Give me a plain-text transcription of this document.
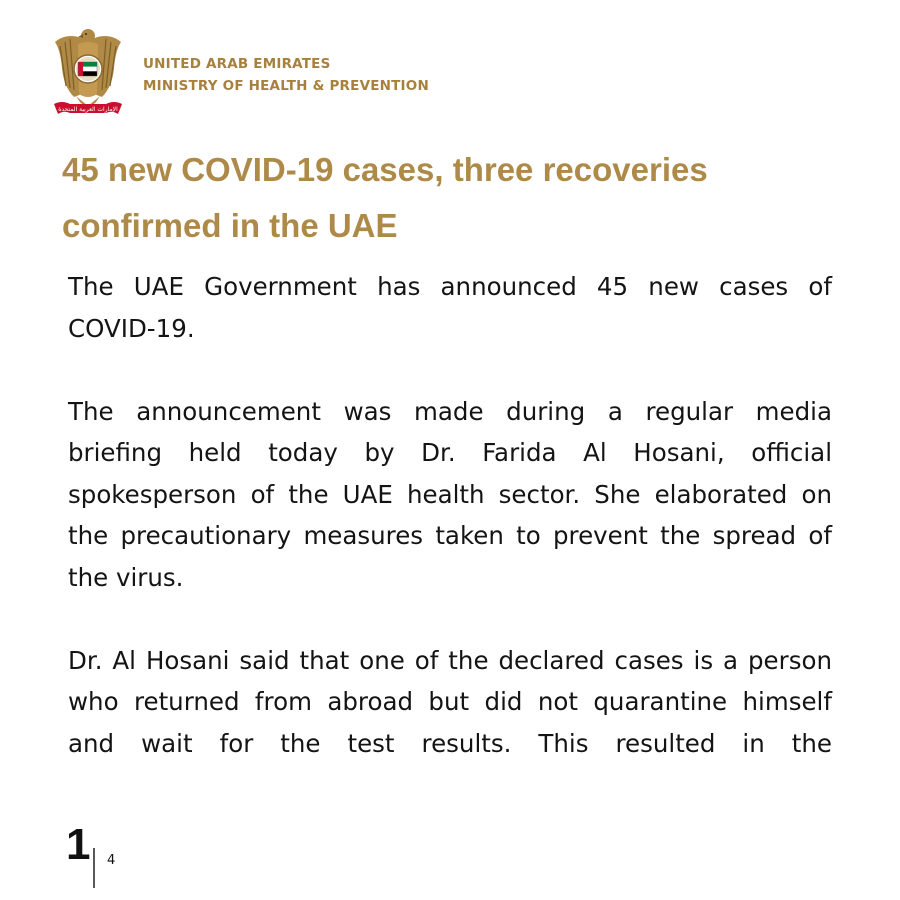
الإمارات العربية المتحدة
UNITED ARAB EMIRATES
MINISTRY OF HEALTH & PREVENTION
45 new COVID-19 cases, three recoveries
confirmed in the UAE

The UAE Government has announced 45 new cases of
COVID-19.

The announcement was made during a regular media
briefing held today by Dr. Farida Al Hosani, official
spokesperson of the UAE health sector. She elaborated on
the precautionary measures taken to prevent the spread of
the virus.

Dr. Al Hosani said that one of the declared cases is a person
who returned from abroad but did not quarantine himself
and wait for the test results. This resulted in the

1 4
